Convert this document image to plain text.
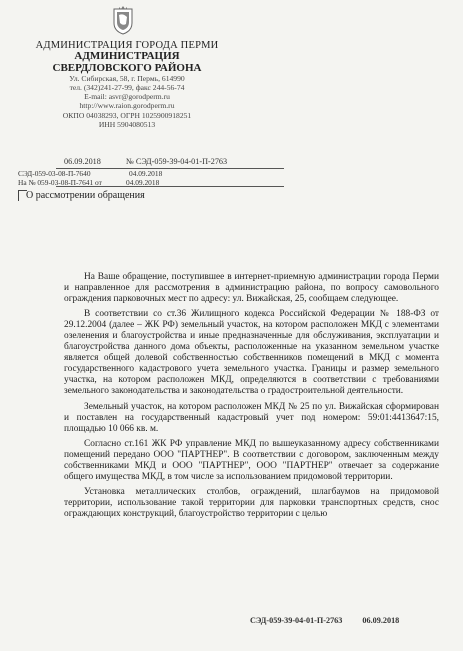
АДМИНИСТРАЦИЯ ГОРОДА ПЕРМИ
АДМИНИСТРАЦИЯ
СВЕРДЛОВСКОГО РАЙОНА
Ул. Сибирская, 58, г. Пермь, 614990
тел. (342)241-27-99, факс 244-56-74
E-mail: asvr@gorodperm.ru
http://www.raion.gorodperm.ru
ОКПО 04038293, ОГРН 1025900918251
ИНН 5904080513
06.09.2018	№ СЭД-059-39-04-01-П-2763
СЭД-059-03-08-П-7640	04.09.2018
На № 059-03-08-П-7641 от	04.09.2018
О рассмотрении обращения

На Ваше обращение, поступившее в интернет-приемную администрации города Перми и направленное для рассмотрения в администрацию района, по вопросу самовольного ограждения парковочных мест по адресу: ул. Вижайская, 25, сообщаем следующее.

В соответствии со ст.36 Жилищного кодекса Российской Федерации № 188-ФЗ от 29.12.2004 (далее – ЖК РФ) земельный участок, на котором расположен МКД с элементами озеленения и благоустройства и иные предназначенные для обслуживания, эксплуатации и благоустройства данного дома объекты, расположенные на указанном земельном участке является общей долевой собственностью собственников помещений в МКД с момента государственного кадастрового учета земельного участка. Границы и размер земельного участка, на котором расположен МКД, определяются в соответствии с требованиями земельного законодательства и законодательства о градостроительной деятельности.

Земельный участок, на котором расположен МКД № 25 по ул. Вижайская сформирован и поставлен на государственный кадастровый учет под номером: 59:01:4413647:15, площадью 10 066 кв. м.

Согласно ст.161 ЖК РФ управление МКД по вышеуказанному адресу собственниками помещений передано ООО "ПАРТНЕР". В соответствии с договором, заключенным между собственниками МКД и ООО "ПАРТНЕР", ООО "ПАРТНЕР" отвечает за содержание общего имущества МКД, в том числе за использованием придомовой территории.

Установка металлических столбов, ограждений, шлагбаумов на придомовой территории, использование такой территории для парковки транспортных средств, снос ограждающих конструкций, благоустройство территории с целью

СЭД-059-39-04-01-П-2763 06.09.2018
